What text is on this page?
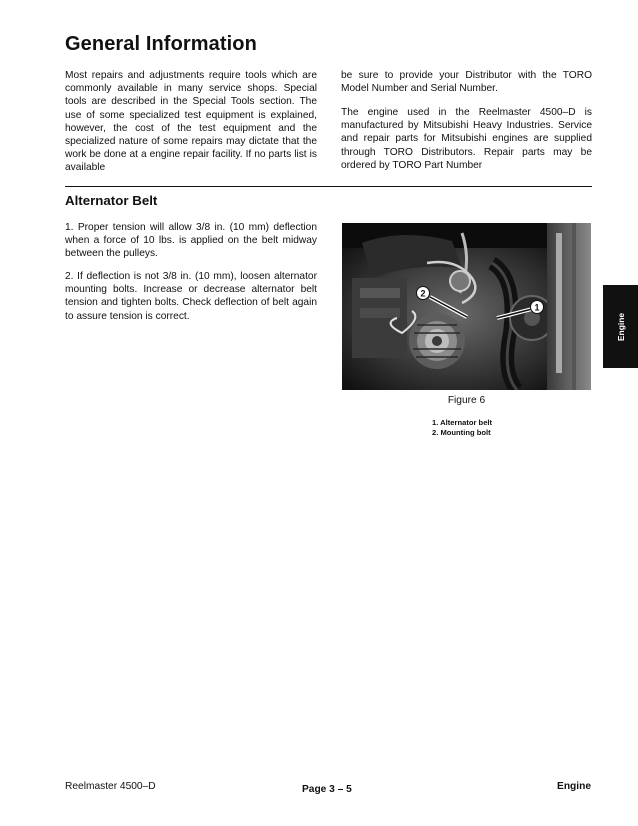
General Information

Most repairs and adjustments require tools which are commonly available in many service shops. Special tools are described in the Special Tools section. The use of some specialized test equipment is explained, however, the cost of the test equipment and the specialized nature of some repairs may dictate that the work be done at a engine repair facility. If no parts list is available

be sure to provide your Distributor with the TORO Model Number and Serial Number.

The engine used in the Reelmaster 4500–D is manufactured by Mitsubishi Heavy Industries. Service and repair parts for Mitsubishi engines are supplied through TORO Distributors. Repair parts may be ordered by TORO Part Number

Alternator Belt

1. Proper tension will allow 3/8 in. (10 mm) deflection when a force of 10 lbs. is applied on the belt midway between the pulleys.

2. If deflection is not 3/8 in. (10 mm), loosen alternator mounting bolts. Increase or decrease alternator belt tension and tighten bolts. Check deflection of belt again to assure tension is correct.

2
1
Figure 6
1. Alternator belt
2. Mounting bolt
Engine
Reelmaster 4500–D	Page 3 – 5	Engine
